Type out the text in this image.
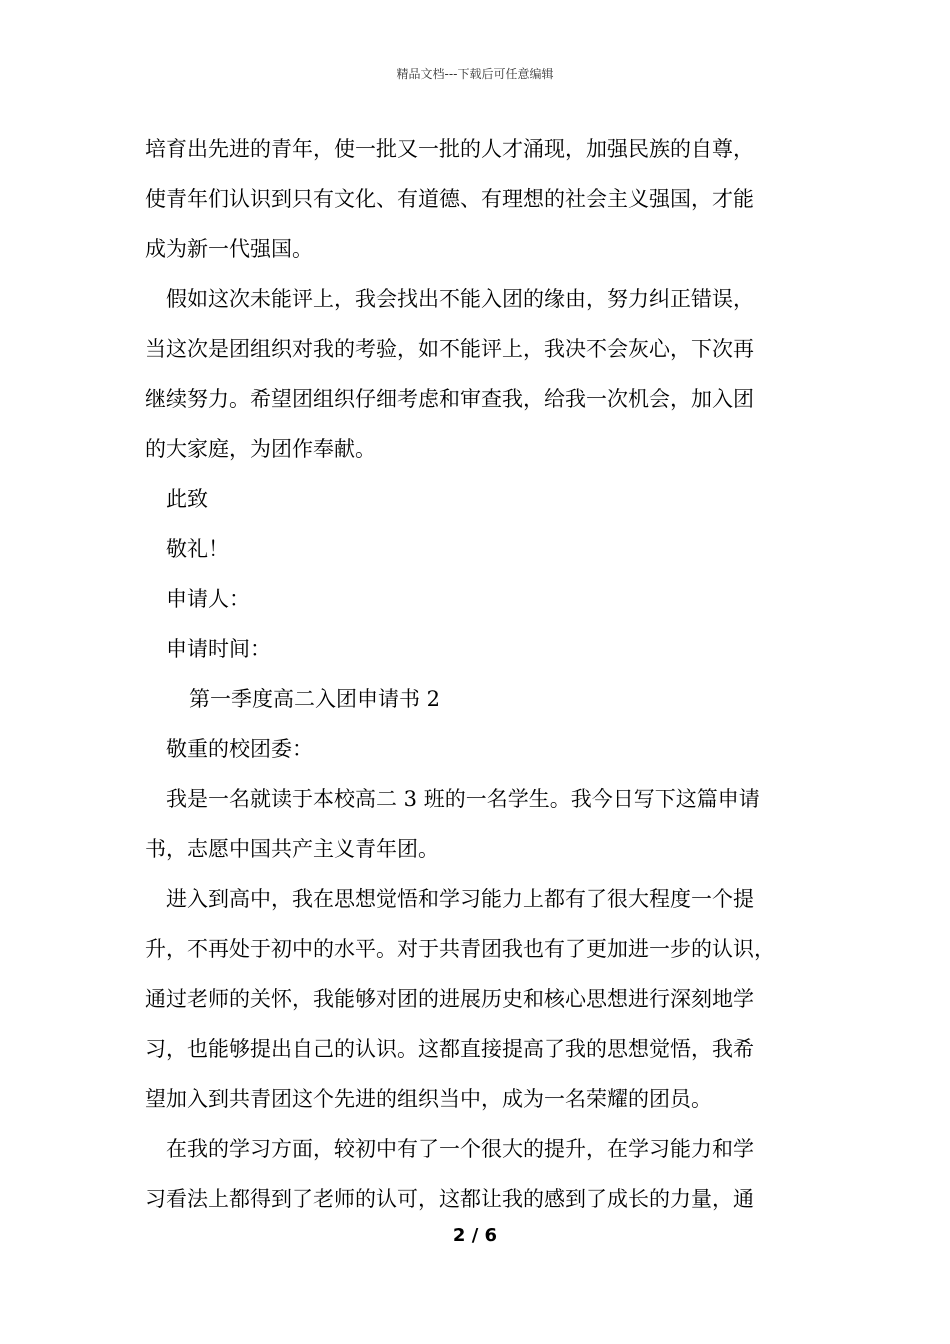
精品文档---下载后可任意编辑
培育出先进的青年，使一批又一批的人才涌现，加强民族的自尊，
使青年们认识到只有文化、有道德、有理想的社会主义强国，才能
成为新一代强国。
假如这次未能评上，我会找出不能入团的缘由，努力纠正错误，
当这次是团组织对我的考验，如不能评上，我决不会灰心，下次再
继续努力。希望团组织仔细考虑和审查我，给我一次机会，加入团
的大家庭，为团作奉献。
此致
敬礼！
申请人：
申请时间：
第一季度高二入团申请书 2
敬重的校团委：
我是一名就读于本校高二 3 班的一名学生。我今日写下这篇申请
书，志愿中国共产主义青年团。
进入到高中，我在思想觉悟和学习能力上都有了很大程度一个提
升，不再处于初中的水平。对于共青团我也有了更加进一步的认识，
通过老师的关怀，我能够对团的进展历史和核心思想进行深刻地学
习，也能够提出自己的认识。这都直接提高了我的思想觉悟，我希
望加入到共青团这个先进的组织当中，成为一名荣耀的团员。
在我的学习方面，较初中有了一个很大的提升，在学习能力和学
习看法上都得到了老师的认可，这都让我的感到了成长的力量，通
2 / 6
